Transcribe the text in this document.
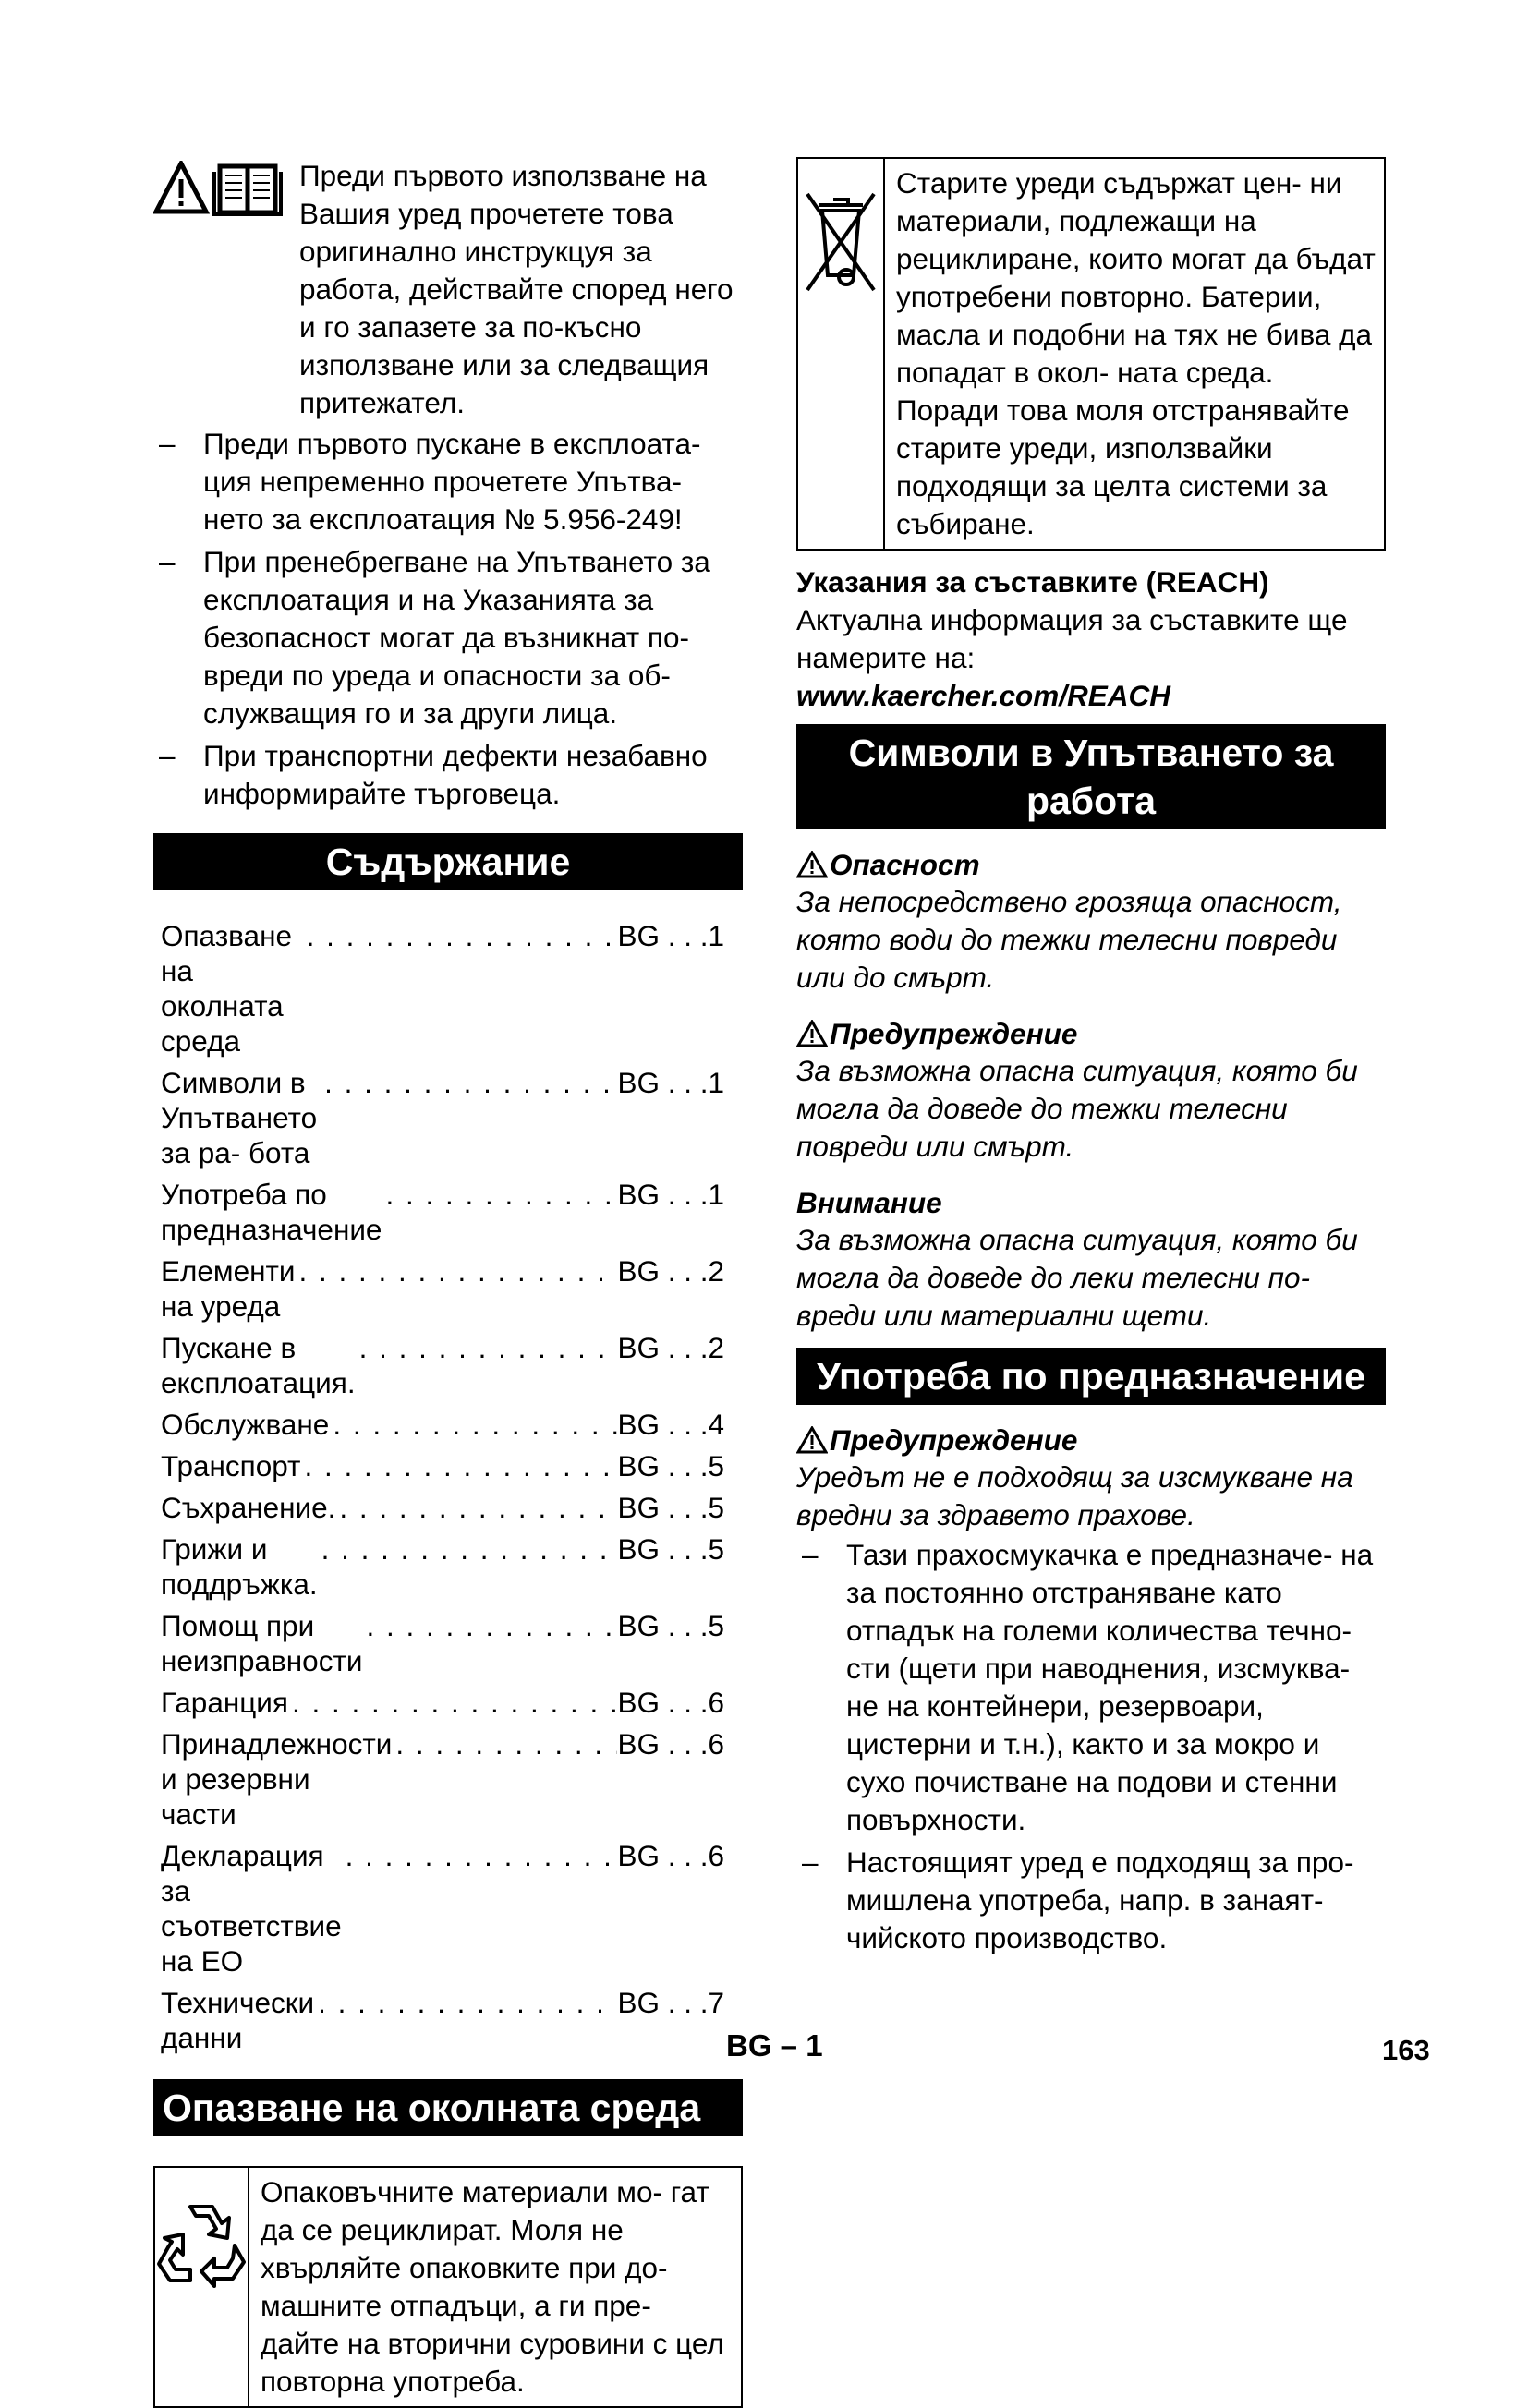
Преди първото използване на Вашия уред прочетете това оригинално инструкцуя за работа, действайте според него и го запазете за по-късно използване или за следващия притежател.

– Преди първото пускане в експлоата- ция непременно прочетете Упътва- нето за експлоатация № 5.956-249!
– При пренебрегване на Упътването за експлоатация и на Указанията за безопасност могат да възникнат по- вреди по уреда и опасности за об- служващия го и за други лица.
– При транспортни дефекти незабавно информирайте търговеца.
Съдържание
Опазване на околната среда
. . .
BG . . .1
Символи в Упътването за ра- бота
. . .
BG . . .1
Употреба по предназначение
. . .
BG . . .1
Елементи на уреда
. . .
BG . . .2
Пускане в експлоатация.
. . .
BG . . .2
Обслужване . . .	BG . . .4
Транспорт . . .	BG . . .5
Съхранение. . . .	BG . . .5
Грижи и поддръжка.
. . .
BG . . .5
Помощ при неизправности
. . .
BG . . .5
Гаранция . . .	BG . . .6
Принадлежности и резервни части
. . .
BG . . .6
Декларация за съответствие на ЕО
. . .
BG . . .6
Технически данни
. . .
BG . . .7
Опазване на околната среда
Опаковъчните материали мо- гат да се рециклират. Моля не хвърляйте опаковките при до- машните отпадъци, а ги пре- дайте на вторични суровини с цел повторна употреба.
Старите уреди съдържат цен- ни материали, подлежащи на рециклиране, които могат да бъдат употребени повторно. Батерии, масла и подобни на тях не бива да попадат в окол- ната среда. Поради това моля отстранявайте старите уреди, използвайки подходящи за целта системи за събиране.
Указания за съставките (REACH)

Актуална информация за съставките ще намерите на:

www.kaercher.com/REACH

Символи в Упътването за работа
Опасност

За непосредствено грозяща опасност, която води до тежки телесни повреди или до смърт.

Предупреждение

За възможна опасна ситуация, която би могла да доведе до тежки телесни повреди или смърт.

Внимание

За възможна опасна ситуация, която би могла да доведе до леки телесни по- вреди или материални щети.

Употреба по предназначение
Предупреждение

Уредът не е подходящ за изсмукване на вредни за здравето прахове.

– Тази прахосмукачка е предназначе- на за постоянно отстраняване като отпадък на големи количества течно- сти (щети при наводнения, изсмуква- не на контейнери, резервоари, цистерни и т.н.), както и за мокро и сухо почистване на подови и стенни повърхности.
– Настоящият уред е подходящ за про- мишлена употреба, напр. в занаят- чийското производство.
BG – 1	163
